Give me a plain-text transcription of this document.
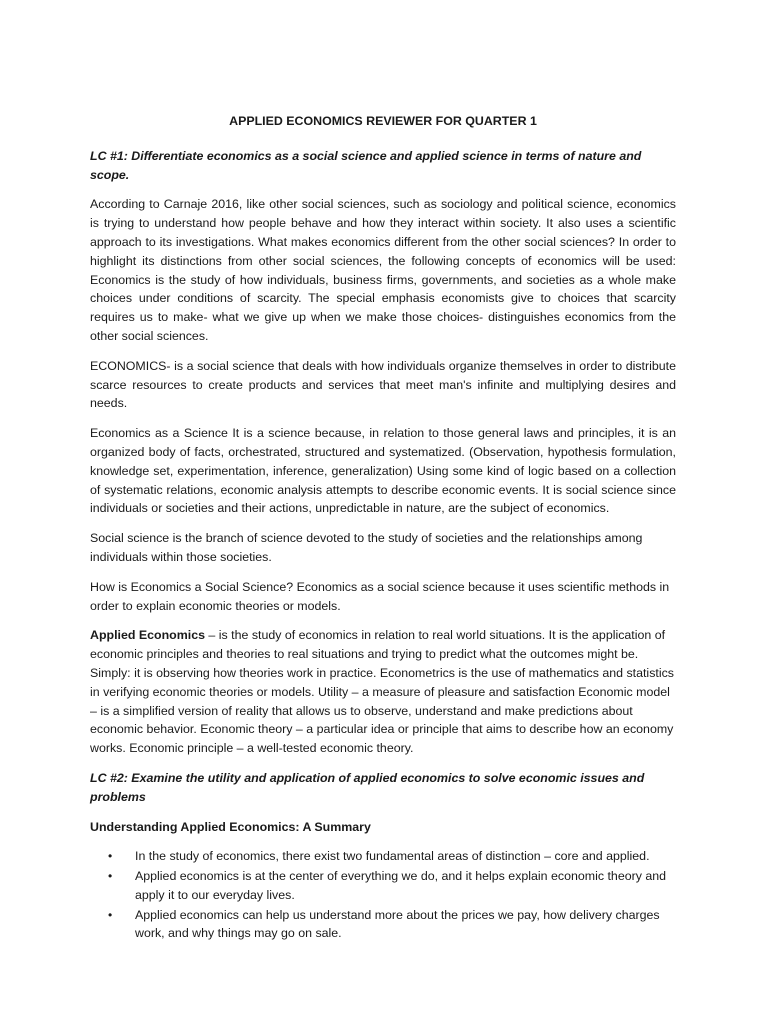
APPLIED ECONOMICS REVIEWER FOR QUARTER 1
LC #1: Differentiate economics as a social science and applied science in terms of nature and scope.

According to Carnaje 2016, like other social sciences, such as sociology and political science, economics is trying to understand how people behave and how they interact within society. It also uses a scientific approach to its investigations. What makes economics different from the other social sciences? In order to highlight its distinctions from other social sciences, the following concepts of economics will be used: Economics is the study of how individuals, business firms, governments, and societies as a whole make choices under conditions of scarcity. The special emphasis economists give to choices that scarcity requires us to make- what we give up when we make those choices- distinguishes economics from the other social sciences.

ECONOMICS- is a social science that deals with how individuals organize themselves in order to distribute scarce resources to create products and services that meet man's infinite and multiplying desires and needs.

Economics as a Science It is a science because, in relation to those general laws and principles, it is an organized body of facts, orchestrated, structured and systematized. (Observation, hypothesis formulation, knowledge set, experimentation, inference, generalization) Using some kind of logic based on a collection of systematic relations, economic analysis attempts to describe economic events. It is social science since individuals or societies and their actions, unpredictable in nature, are the subject of economics.

Social science is the branch of science devoted to the study of societies and the relationships among individuals within those societies.

How is Economics a Social Science? Economics as a social science because it uses scientific methods in order to explain economic theories or models.

Applied Economics – is the study of economics in relation to real world situations. It is the application of economic principles and theories to real situations and trying to predict what the outcomes might be. Simply: it is observing how theories work in practice. Econometrics is the use of mathematics and statistics in verifying economic theories or models. Utility – a measure of pleasure and satisfaction Economic model – is a simplified version of reality that allows us to observe, understand and make predictions about economic behavior. Economic theory – a particular idea or principle that aims to describe how an economy works. Economic principle – a well-tested economic theory.

LC #2: Examine the utility and application of applied economics to solve economic issues and problems
Understanding Applied Economics: A Summary
• In the study of economics, there exist two fundamental areas of distinction – core and applied.
• Applied economics is at the center of everything we do, and it helps explain economic theory and apply it to our everyday lives.
• Applied economics can help us understand more about the prices we pay, how delivery charges work, and why things may go on sale.
